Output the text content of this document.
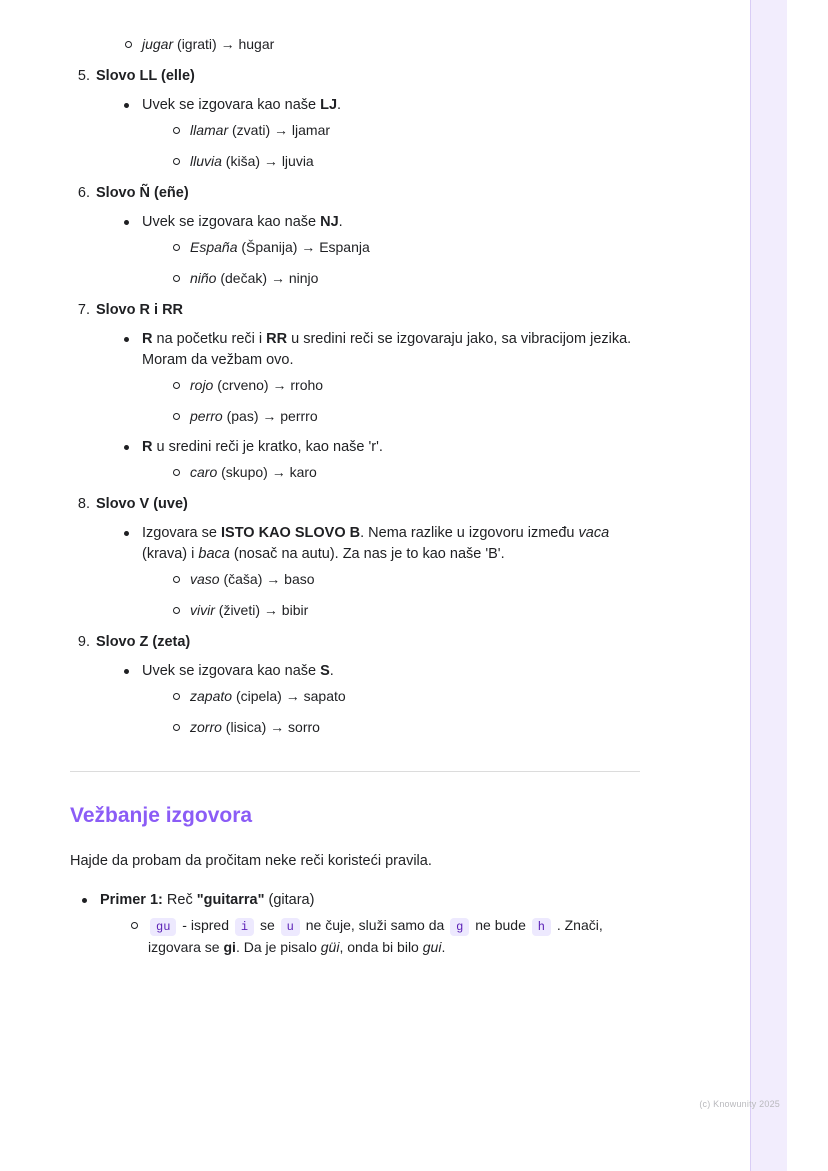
jugar (igrati) → hugar
5. Slovo LL (elle)
Uvek se izgovara kao naše LJ.
llamar (zvati) → ljamar
lluvia (kiša) → ljuvia
6. Slovo Ñ (eñe)
Uvek se izgovara kao naše NJ.
España (Španija) → Espanja
niño (dečak) → ninjo
7. Slovo R i RR
R na početku reči i RR u sredini reči se izgovaraju jako, sa vibracijom jezika. Moram da vežbam ovo.
rojo (crveno) → rroho
perro (pas) → perrro
R u sredini reči je kratko, kao naše 'r'.
caro (skupo) → karo
8. Slovo V (uve)
Izgovara se ISTO KAO SLOVO B. Nema razlike u izgovoru između vaca (krava) i baca (nosač na autu). Za nas je to kao naše 'B'.
vaso (čaša) → baso
vivir (živeti) → bibir
9. Slovo Z (zeta)
Uvek se izgovara kao naše S.
zapato (cipela) → sapato
zorro (lisica) → sorro
Vežbanje izgovora

Hajde da probam da pročitam neke reči koristeći pravila.

Primer 1: Reč "guitarra" (gitara)
gu - ispred i se u ne čuje, služi samo da g ne bude h . Znači, izgovara se gi. Da je pisalo güi, onda bi bilo gui.
(c) Knowunity 2025
